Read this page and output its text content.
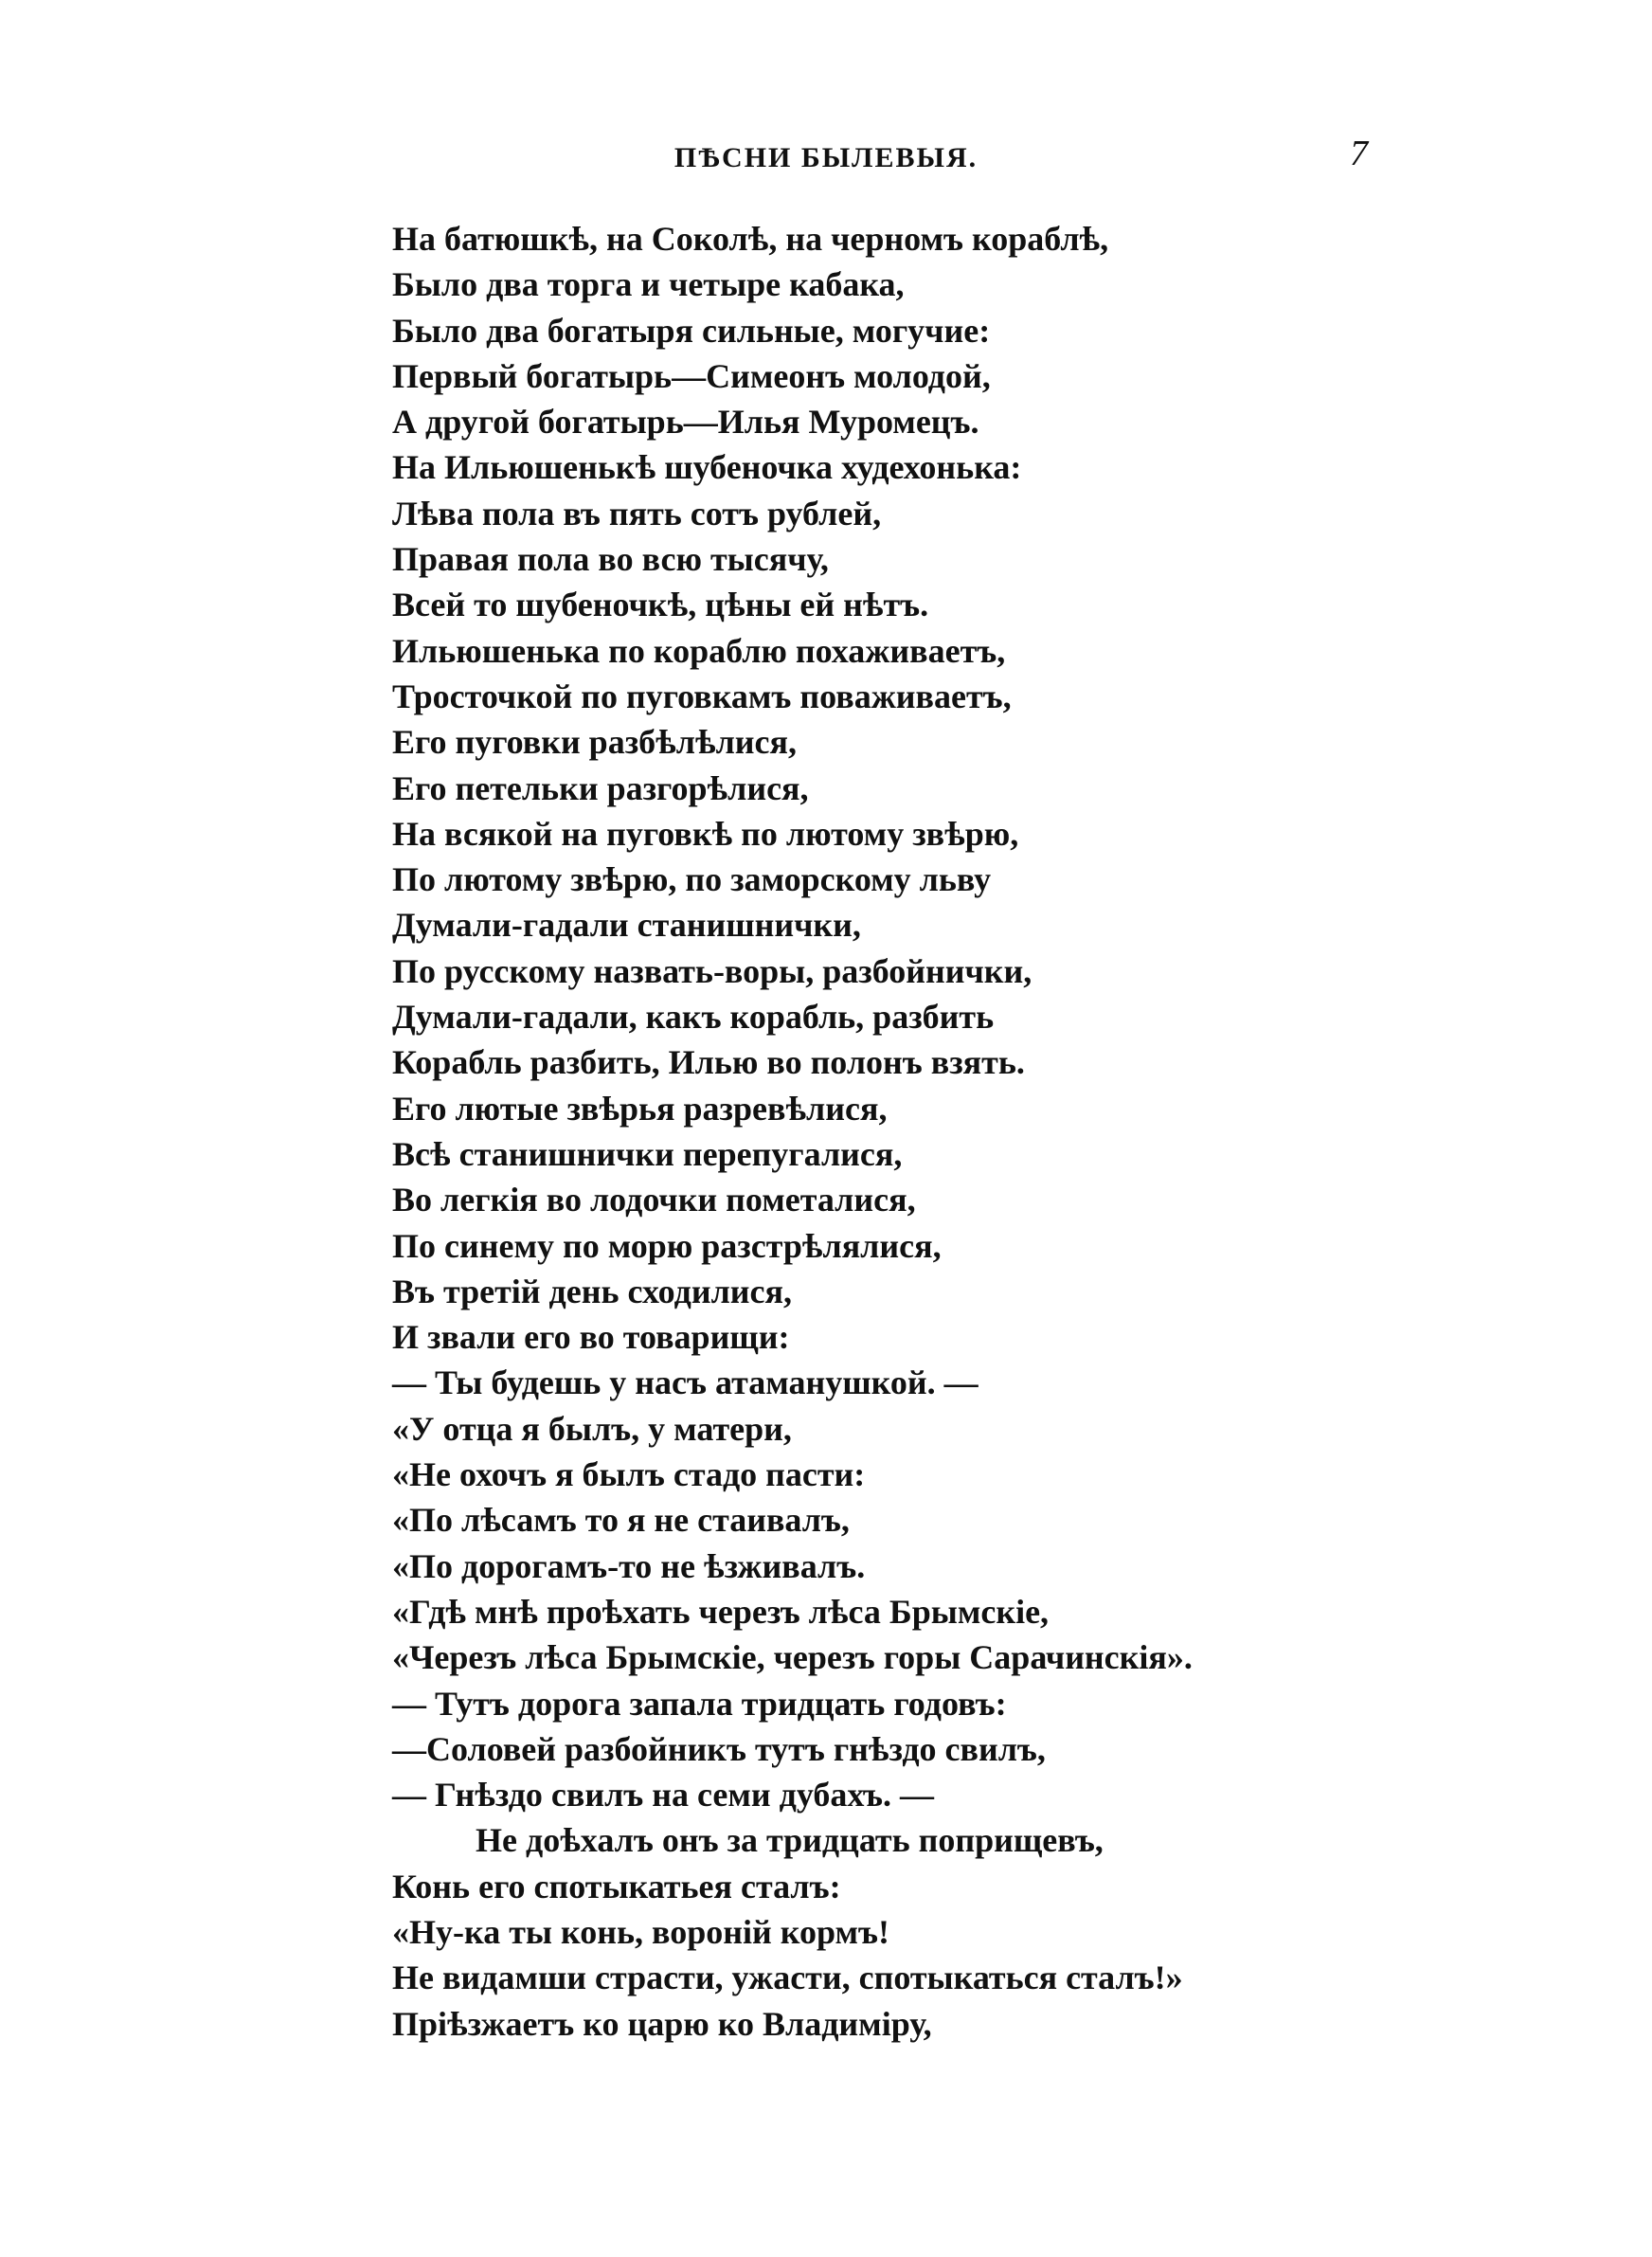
ПѢСНИ БЫЛЕВЫЯ.	7
На батюшкѣ, на Соколѣ, на черномъ кораблѣ,
Было два торга и четыре кабака,
Было два богатыря сильные, могучие:
Первый богатырь—Симеонъ молодой,
А другой богатырь—Илья Муромецъ.
На Ильюшенькѣ шубеночка худехонька:
Лѣва пола въ пять сотъ рублей,
Правая пола во всю тысячу,
Всей то шубеночкѣ, цѣны ей нѣтъ.
Ильюшенька по кораблю похаживаетъ,
Тросточкой по пуговкамъ поваживаетъ,
Его пуговки разбѣлѣлися,
Его петельки разгорѣлися,
На всякой на пуговкѣ по лютому звѣрю,
По лютому звѣрю, по заморскому льву
Думали-гадали станишнички,
По русскому назвать-воры, разбойнички,
Думали-гадали, какъ корабль, разбить
Корабль разбить, Илью во полонъ взять.
Его лютые звѣрья разревѣлися,
Всѣ станишнички перепугалися,
Во легкія во лодочки пометалися,
По синему по морю разстрѣлялися,
Въ третій день сходилися,
И звали его во товарищи:
— Ты будешь у насъ атаманушкой. —
«У отца я былъ, у матери,
«Не охочъ я былъ стадо пасти:
«По лѣсамъ то я не стаивалъ,
«По дорогамъ-то не ѣзживалъ.
«Гдѣ мнѣ проѣхать черезъ лѣса Брымскіе,
«Черезъ лѣса Брымскіе, черезъ горы Сарачинскія».
— Тутъ дорога запала тридцать годовъ:
—Соловей разбойникъ тутъ гнѣздо свилъ,
— Гнѣздо свилъ на семи дубахъ. —
Не доѣхалъ онъ за тридцать поприщевъ,
Конь его спотыкатьея сталъ:
«Ну-ка ты конь, вороній кормъ!
Не видамши страсти, ужасти, спотыкаться сталъ!»
Пріѣзжаетъ ко царю ко Владиміру,
